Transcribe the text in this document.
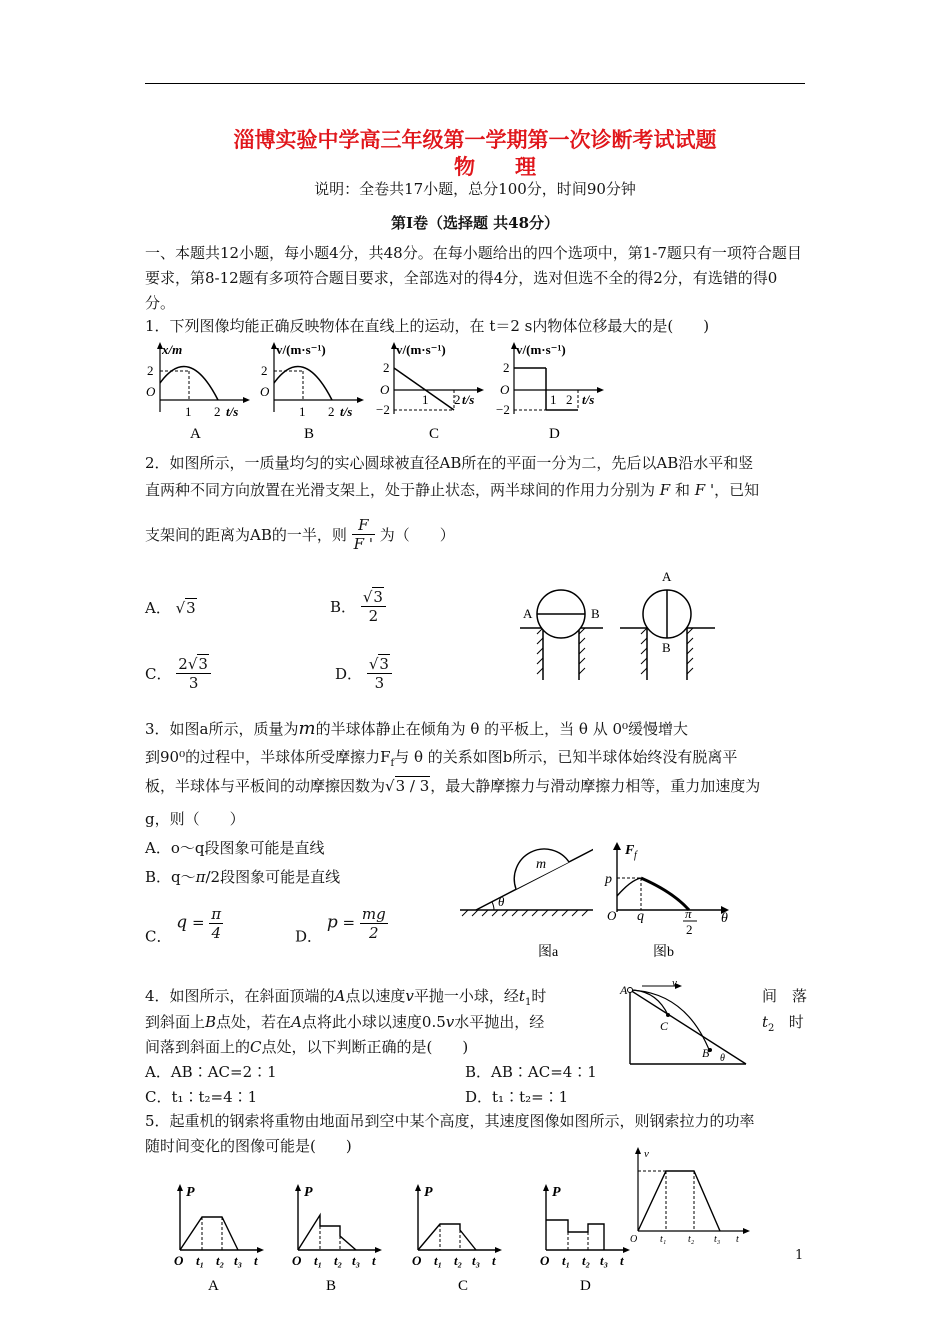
淄博实验中学高三年级第一学期第一次诊断考试试题
物理
说明：全卷共17小题，总分100分，时间90分钟
第Ⅰ卷（选择题 共48分）
一、本题共12小题，每小题4分，共48分。在每小题给出的四个选项中，第1-7题只有一项符合题目要求，第8-12题有多项符合题目要求，全部选对的得4分，选对但选不全的得2分，有选错的得0分。
1．下列图像均能正确反映物体在直线上的运动，在 t＝2 s内物体位移最大的是(　　)
x/m
2
O
1 2 t/s
A
v/(m·s⁻¹)
2
O
1 2 t/s
B
v/(m·s⁻¹)
2
O
−2
1 2 t/s
C
v/(m·s⁻¹)
2
O
−2
1 2 t/s
D
2．如图所示，一质量均匀的实心圆球被直径AB所在的平面一分为二，先后以AB沿水平和竖
直两种不同方向放置在光滑支架上，处于静止状态，两半球间的作用力分别为 F 和 F '，已知
支架间的距离为AB的一半，则 $\frac{F}{F '}$ 为（　　）
A． √3	B． $\frac{√3}{2}$
C． $\frac{2√3}{3}$	D． $\frac{√3}{3}$
A	B
A
B
3．如图a所示，质量为m的半球体静止在倾角为 θ 的平板上，当 θ 从 0⁰缓慢增大
到90⁰的过程中，半球体所受摩擦力$F_f$与 θ 的关系如图b所示，已知半球体始终没有脱离平
板，半球体与平板间的动摩擦因数为√3 / 3，最大静摩擦力与滑动摩擦力相等，重力加速度为
g，则（　　）
A．o～q段图象可能是直线
B．q～π/2段图象可能是直线
C． $q = \frac{\pi}{4}$	D． $p = \frac{mg}{2}$
θ
m
图a
F f
p
O q	π
2
θ
图b
4．如图所示，在斜面顶端的A点以速度v平抛一小球，经$t_1$时	间　落
到斜面上B点处，若在A点将此小球以速度0.5v水平抛出，经	$t_2$ 时
间落到斜面上的C点处，以下判断正确的是(　　)
A．AB∶AC=2∶1	B．AB∶AC=4∶1
C．t₁∶t₂=4∶1	D．t₁∶t₂=∶1
A	v
C
B θ
5．起重机的钢索将重物由地面吊到空中某个高度，其速度图像如图所示，则钢索拉力的功率
随时间变化的图像可能是(　　)
P
O t₁ t₂ t₃ t
A
P
O t₁ t₂ t₃ t
B
P
O t₁ t₂ t₃ t
C
P
O t₁ t₂ t₃ t
D
v
O t₁ t₂ t₃ t
1
